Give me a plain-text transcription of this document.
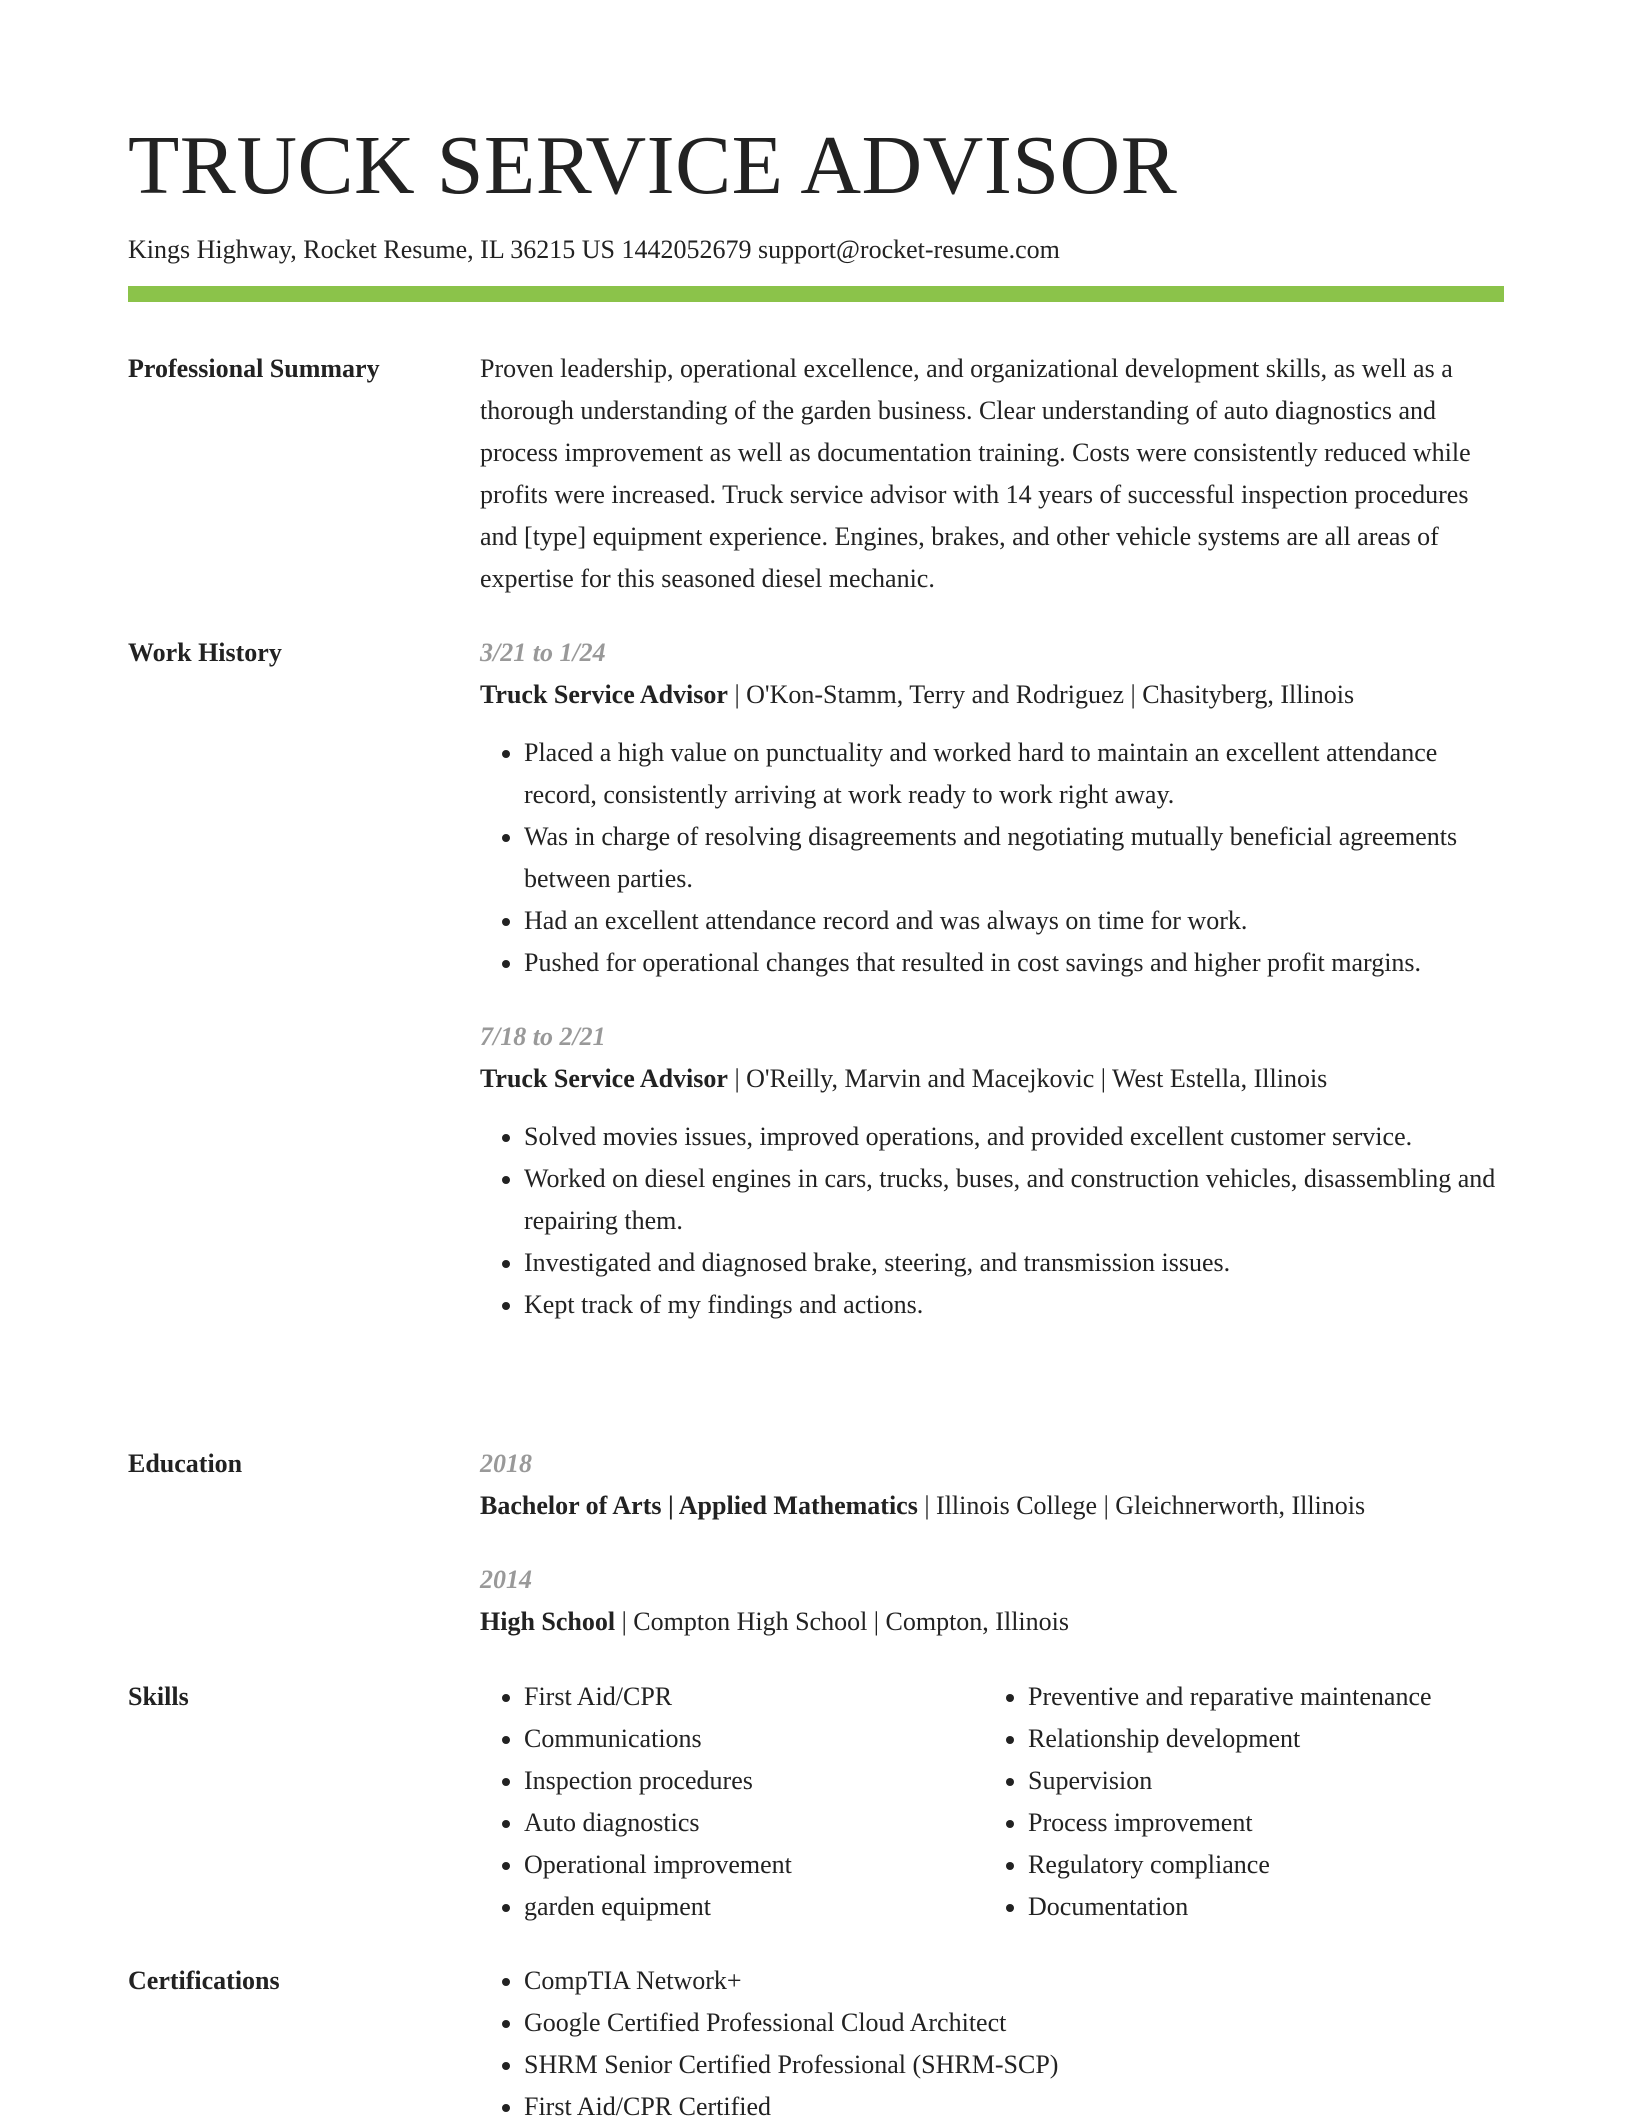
TRUCK SERVICE ADVISOR
Kings Highway, Rocket Resume, IL 36215 US 1442052679 support@rocket-resume.com
Professional Summary	Proven leadership, operational excellence, and organizational development skills, as well as a thorough understanding of the garden business. Clear understanding of auto diagnostics and process improvement as well as documentation training. Costs were consistently reduced while profits were increased. Truck service advisor with 14 years of successful inspection procedures and [type] equipment experience. Engines, brakes, and other vehicle systems are all areas of expertise for this seasoned diesel mechanic.

Work History	3/21 to 1/24
Truck Service Advisor | O'Kon-Stamm, Terry and Rodriguez | Chasityberg, Illinois
• Placed a high value on punctuality and worked hard to maintain an excellent attendance record, consistently arriving at work ready to work right away.
• Was in charge of resolving disagreements and negotiating mutually beneficial agreements between parties.
• Had an excellent attendance record and was always on time for work.
• Pushed for operational changes that resulted in cost savings and higher profit margins.
7/18 to 2/21
Truck Service Advisor | O'Reilly, Marvin and Macejkovic | West Estella, Illinois
• Solved movies issues, improved operations, and provided excellent customer service.
• Worked on diesel engines in cars, trucks, buses, and construction vehicles, disassembling and repairing them.
• Investigated and diagnosed brake, steering, and transmission issues.
• Kept track of my findings and actions.
Education	2018
Bachelor of Arts | Applied Mathematics | Illinois College | Gleichnerworth, Illinois
2014
High School | Compton High School | Compton, Illinois
Skills	• First Aid/CPR
• Communications
• Inspection procedures
• Auto diagnostics
• Operational improvement
• garden equipment
• Preventive and reparative maintenance
• Relationship development
• Supervision
• Process improvement
• Regulatory compliance
• Documentation
Certifications	• CompTIA Network+
• Google Certified Professional Cloud Architect
• SHRM Senior Certified Professional (SHRM-SCP)
• First Aid/CPR Certified
